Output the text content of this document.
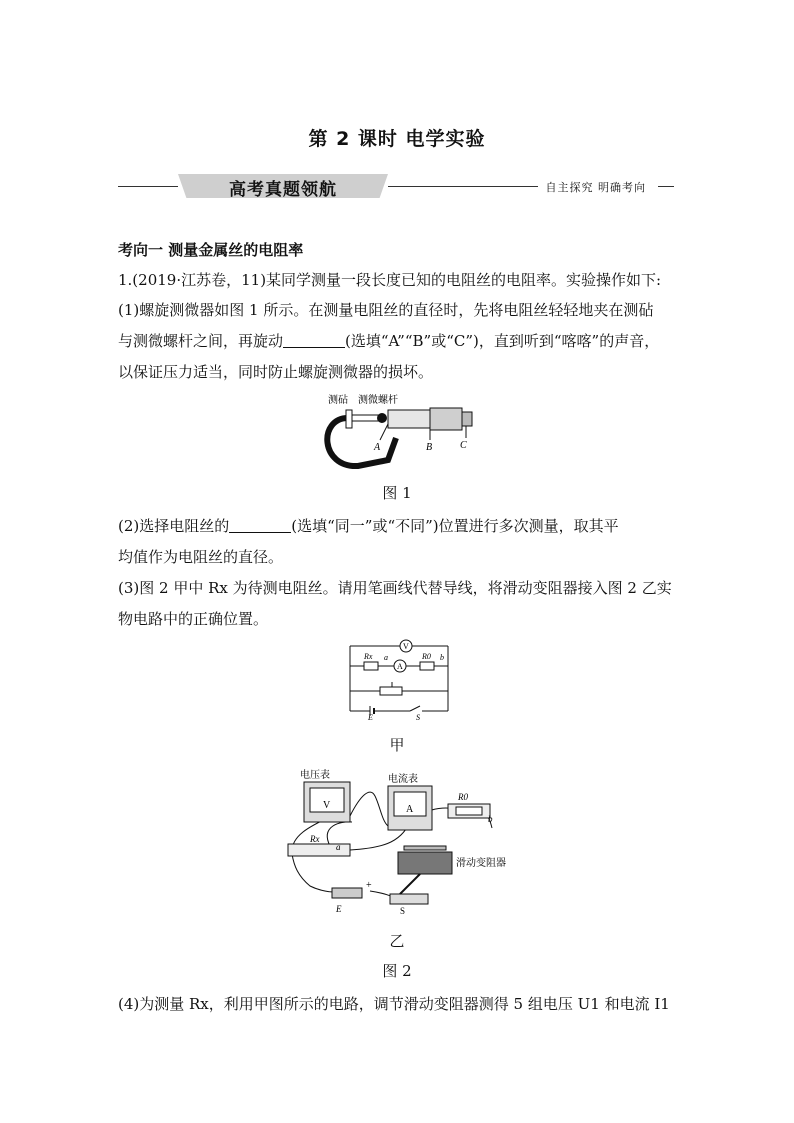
第 2 课时 电学实验
高考真题领航	自主探究 明确考向
考向一 测量金属丝的电阻率
1.(2019·江苏卷，11)某同学测量一段长度已知的电阻丝的电阻率。实验操作如下:
(1)螺旋测微器如图 1 所示。在测量电阻丝的直径时，先将电阻丝轻轻地夹在测砧
与测微螺杆之间，再旋动	(选填“A”“B”或“C”)，直到听到“喀喀”的声音，
以保证压力适当，同时防止螺旋测微器的损坏。
测砧 测微螺杆
A	B	C
图 1
(2)选择电阻丝的	(选填“同一”或“不同”)位置进行多次测量，取其平
均值作为电阻丝的直径。
(3)图 2 甲中 Rx 为待测电阻丝。请用笔画线代替导线，将滑动变阻器接入图 2 乙实
物电路中的正确位置。
V
A
Rx	R0
a	b
E	S
甲
电压表	电流表
V	A
R0
b
Rx
a
滑动变阻器
E
+
S
乙
图 2
(4)为测量 Rx，利用甲图所示的电路，调节滑动变阻器测得 5 组电压 U1 和电流 I1
